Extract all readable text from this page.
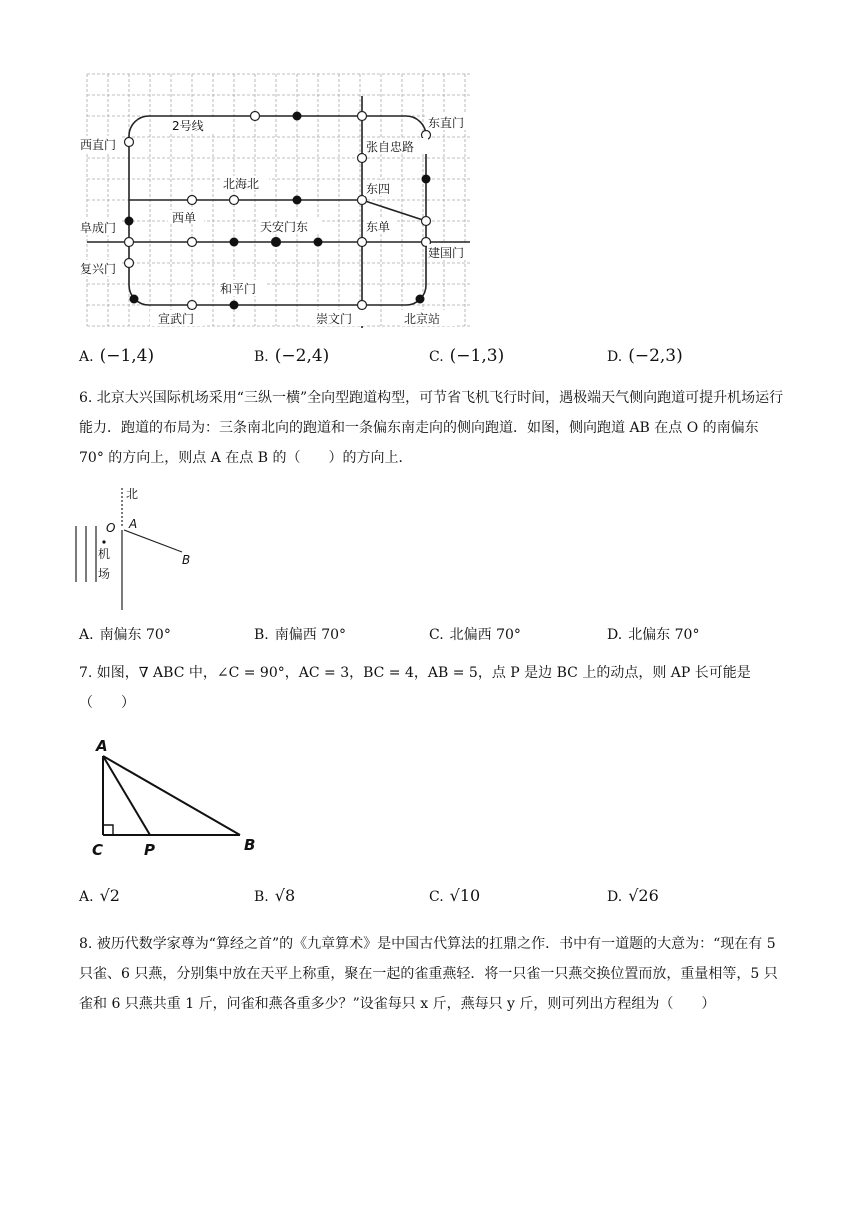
2号线
西直门
东直门
张自忠路
北海北	东四
阜成门
西单
天安门东	东单
建国门
复兴门
和平门
宣武门	崇文门	北京站
A. (−1,4)	B. (−2,4)	C. (−1,3)	D. (−2,3)

6. 北京大兴国际机场采用“三纵一横”全向型跑道构型，可节省飞机飞行时间，遇极端天气侧向跑道可提升机场运行能力．跑道的布局为：三条南北向的跑道和一条偏东南走向的侧向跑道．如图，侧向跑道 AB 在点 O 的南偏东 70° 的方向上，则点 A 在点 B 的（　　）的方向上．

北
O A
B
机
场
A. 南偏东 70°	B. 南偏西 70°	C. 北偏西 70°	D. 北偏东 70°

7. 如图，∇ ABC 中，∠C = 90°，AC = 3，BC = 4，AB = 5，点 P 是边 BC 上的动点，则 AP 长可能是（　　）

A
C	P	B
A. √2	B. √8	C. √10	D. √26

8. 被历代数学家尊为“算经之首”的《九章算术》是中国古代算法的扛鼎之作．书中有一道题的大意为：“现在有 5 只雀、6 只燕，分别集中放在天平上称重，聚在一起的雀重燕轻．将一只雀一只燕交换位置而放，重量相等，5 只雀和 6 只燕共重 1 斤，问雀和燕各重多少？”设雀每只 x 斤，燕每只 y 斤，则可列出方程组为（　　）
